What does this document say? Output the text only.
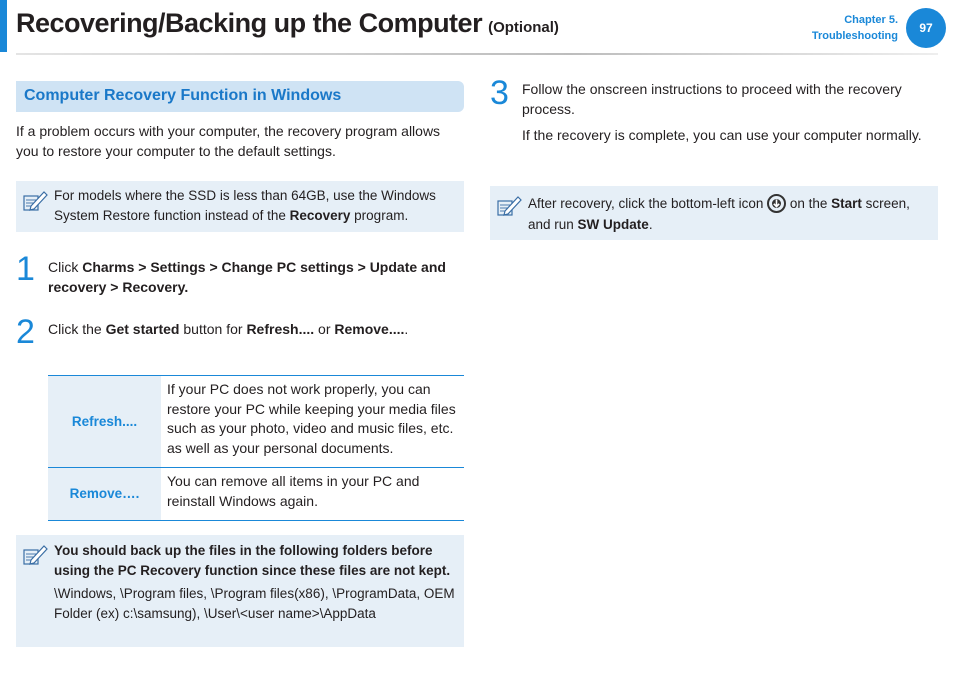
Recovering/Backing up the Computer (Optional)	Chapter 5.
Troubleshooting
97
Computer Recovery Function in Windows

If a problem occurs with your computer, the recovery program allows you to restore your computer to the default settings.

For models where the SSD is less than 64GB, use the Windows System Restore function instead of the Recovery program.

1 Click Charms > Settings > Change PC settings > Update and recovery > Recovery.

2 Click the Get started button for Refresh.... or Remove.....

Refresh....	If your PC does not work properly, you can restore your PC while keeping your media files such as your photo, video and music files, etc. as well as your personal documents.
Remove….	You can remove all items in your PC and reinstall Windows again.

You should back up the files in the following folders before using the PC Recovery function since these files are not kept.

\Windows, \Program files, \Program files(x86), \ProgramData, OEM Folder (ex) c:\samsung), \User\<user name>\AppData

3 Follow the onscreen instructions to proceed with the recovery process.

If the recovery is complete, you can use your computer normally.

After recovery, click the bottom-left icon
on the Start screen, and run SW Update.
